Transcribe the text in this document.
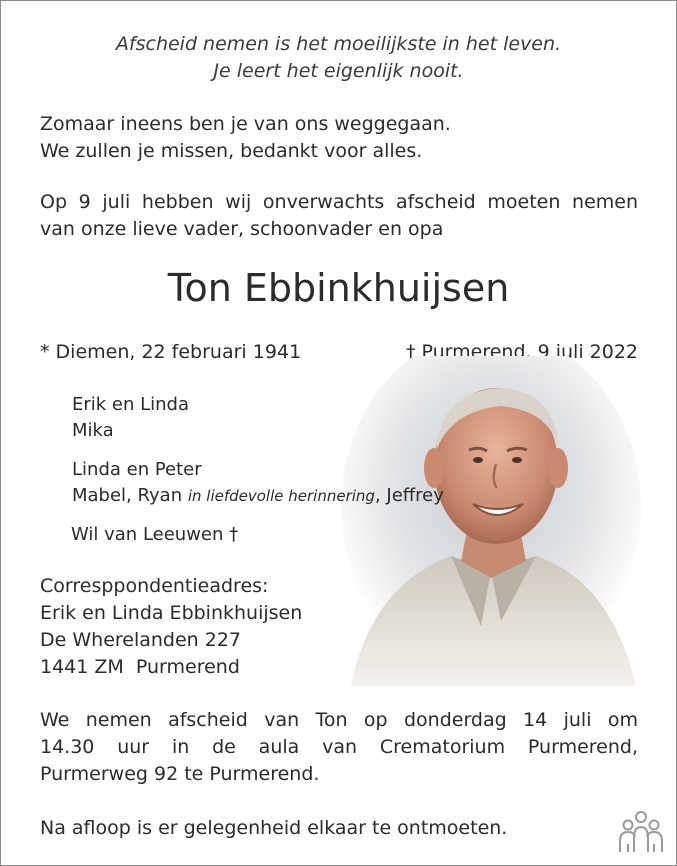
Afscheid nemen is het moeilijkste in het leven.
Je leert het eigenlijk nooit.
Zomaar ineens ben je van ons weggegaan.
We zullen je missen, bedankt voor alles.
Op 9 juli hebben wij onverwachts afscheid moeten nemen
van onze lieve vader, schoonvader en opa
Ton Ebbinkhuijsen
* Diemen, 22 februari 1941	† Purmerend, 9 juli 2022
Erik en Linda
Mika
Linda en Peter
Mabel, Ryan in liefdevolle herinnering, Jeffrey
Wil van Leeuwen †
Corresppondentieadres:
Erik en Linda Ebbinkhuijsen
De Wherelanden 227
1441 ZM  Purmerend
We nemen afscheid van Ton op donderdag 14 juli om
14.30 uur in de aula van Crematorium Purmerend,
Purmerweg 92 te Purmerend.
Na afloop is er gelegenheid elkaar te ontmoeten.
